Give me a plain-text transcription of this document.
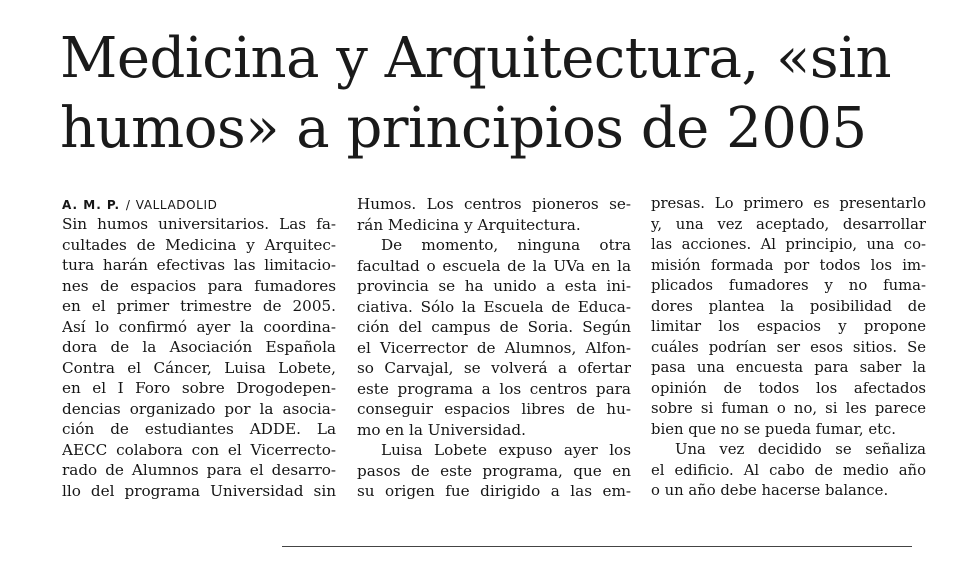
Medicina y Arquitectura, «sin
humos» a principios de 2005
A. M. P. / VALLADOLID

Sin humos universitarios. Las fa-

cultades de Medicina y Arquitec-

tura harán efectivas las limitacio-

nes de espacios para fumadores

en el primer trimestre de 2005.

Así lo confirmó ayer la coordina-

dora de la Asociación Española

Contra el Cáncer, Luisa Lobete,

en el I Foro sobre Drogodepen-

dencias organizado por la asocia-

ción de estudiantes ADDE. La

AECC colabora con el Vicerrecto-

rado de Alumnos para el desarro-

llo del programa Universidad sin

Humos. Los centros pioneros se-

rán Medicina y Arquitectura.

De momento, ninguna otra

facultad o escuela de la UVa en la

provincia se ha unido a esta ini-

ciativa. Sólo la Escuela de Educa-

ción del campus de Soria. Según

el Vicerrector de Alumnos, Alfon-

so Carvajal, se volverá a ofertar

este programa a los centros para

conseguir espacios libres de hu-

mo en la Universidad.

Luisa Lobete expuso ayer los

pasos de este programa, que en

su origen fue dirigido a las em-

presas. Lo primero es presentarlo

y, una vez aceptado, desarrollar

las acciones. Al principio, una co-

misión formada por todos los im-

plicados fumadores y no fuma-

dores plantea la posibilidad de

limitar los espacios y propone

cuáles podrían ser esos sitios. Se

pasa una encuesta para saber la

opinión de todos los afectados

sobre si fuman o no, si les parece

bien que no se pueda fumar, etc.

Una vez decidido se señaliza

el edificio. Al cabo de medio año

o un año debe hacerse balance.
